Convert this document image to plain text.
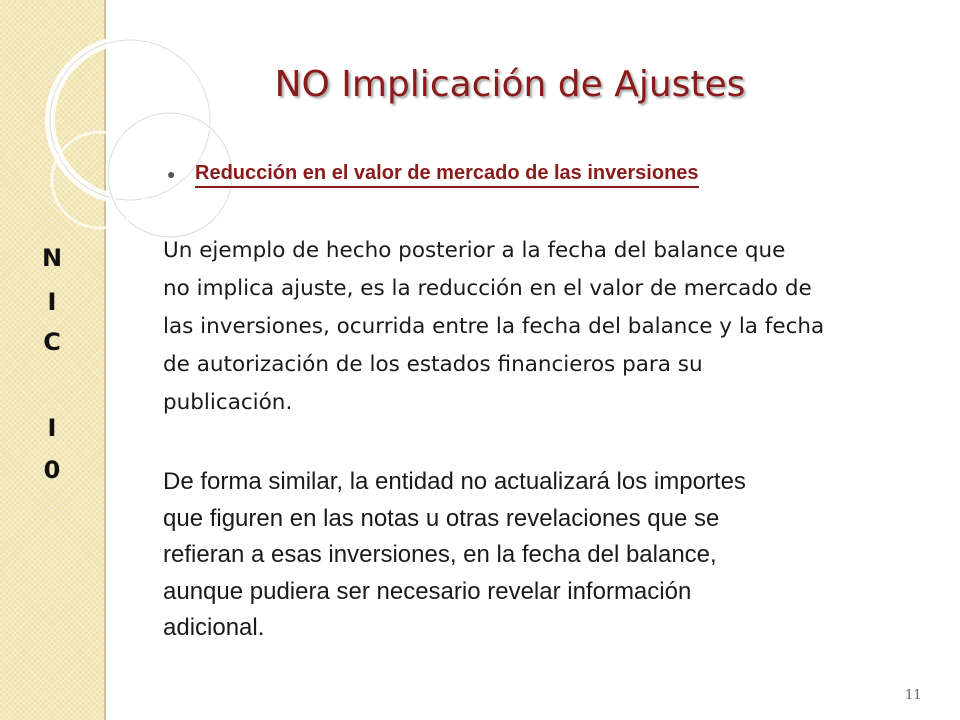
N
I
C
I
0
NO Implicación de Ajustes
● Reducción en el valor de mercado de las inversiones
Un ejemplo de hecho posterior a la fecha del balance que
no implica ajuste, es la reducción en el valor de mercado de
las inversiones, ocurrida entre la fecha del balance y la fecha
de autorización de los estados financieros para su
publicación.
De forma similar, la entidad no actualizará los importes
que figuren en las notas u otras revelaciones que se
refieran a esas inversiones, en la fecha del balance,
aunque pudiera ser necesario revelar información
adicional.
11
